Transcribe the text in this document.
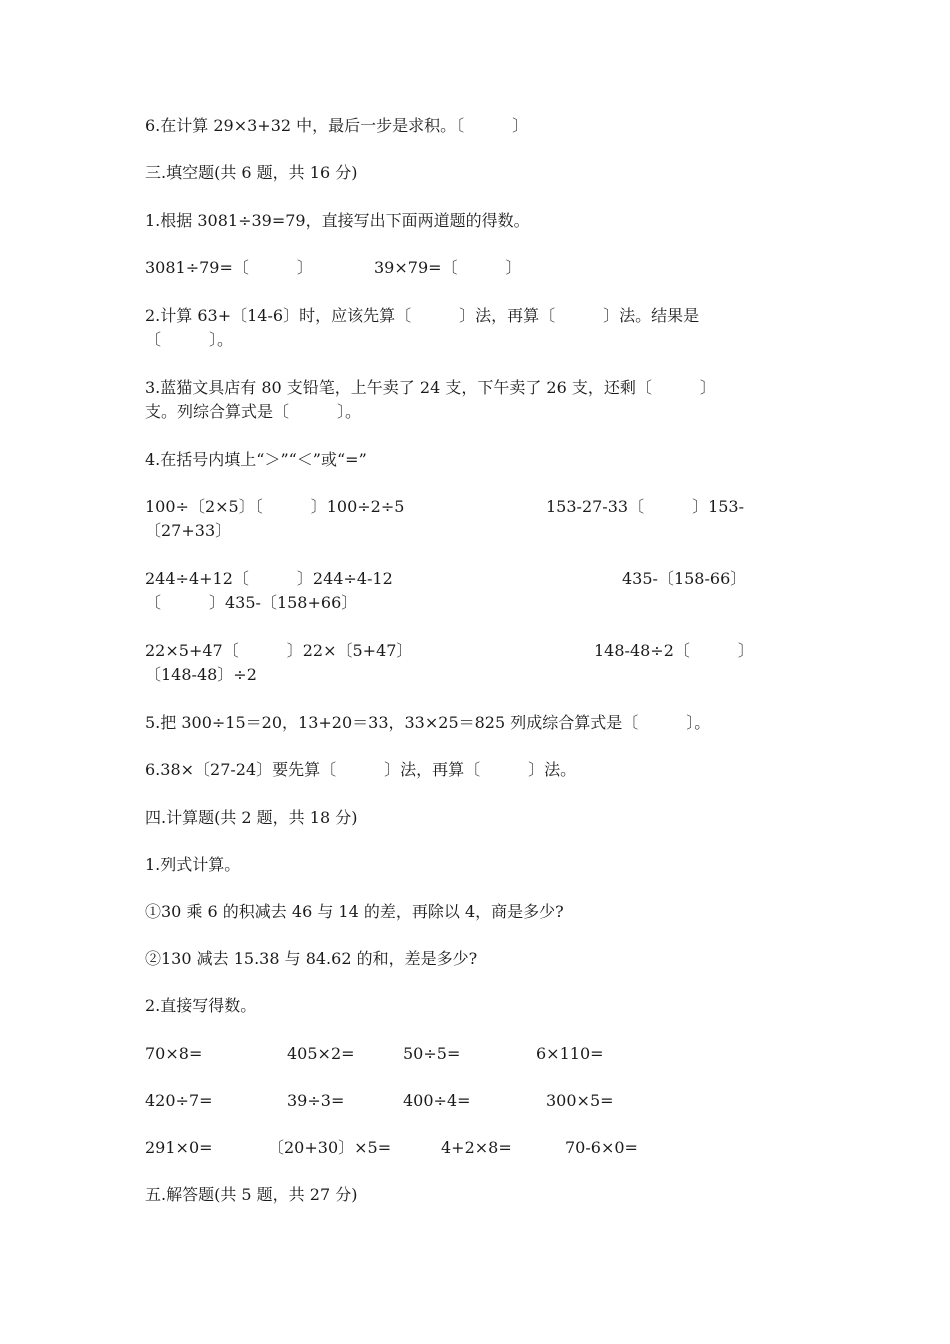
6.在计算 29×3+32 中，最后一步是求积。〔　　　〕
三.填空题(共 6 题，共 16 分)
1.根据 3081÷39=79，直接写出下面两道题的得数。
3081÷79=〔　　　〕	39×79=〔　　　〕
2.计算 63+〔14-6〕时，应该先算〔　　　〕法，再算〔　　　〕法。结果是
〔　　　〕。
3.蓝猫文具店有 80 支铅笔，上午卖了 24 支，下午卖了 26 支，还剩〔　　　〕
支。列综合算式是〔　　　〕。
4.在括号内填上“＞”“＜”或“=”
100÷〔2×5〕〔　　　〕100÷2÷5	153-27-33〔　　　〕153-
〔27+33〕
244÷4+12〔　　　〕244÷4-12	435-〔158-66〕
〔　　　〕435-〔158+66〕
22×5+47〔　　　〕22×〔5+47〕	148-48÷2〔　　　〕
〔148-48〕÷2
5.把 300÷15＝20，13+20＝33，33×25＝825 列成综合算式是〔　　　〕。
6.38×〔27-24〕要先算〔　　　〕法，再算〔　　　〕法。
四.计算题(共 2 题，共 18 分)
1.列式计算。
①30 乘 6 的积减去 46 与 14 的差，再除以 4，商是多少?
②130 减去 15.38 与 84.62 的和，差是多少?
2.直接写得数。
70×8=	405×2=	50÷5=	6×110=
420÷7=	39÷3=	400÷4=	300×5=
291×0=	〔20+30〕×5=	4+2×8=	70-6×0=
五.解答题(共 5 题，共 27 分)
